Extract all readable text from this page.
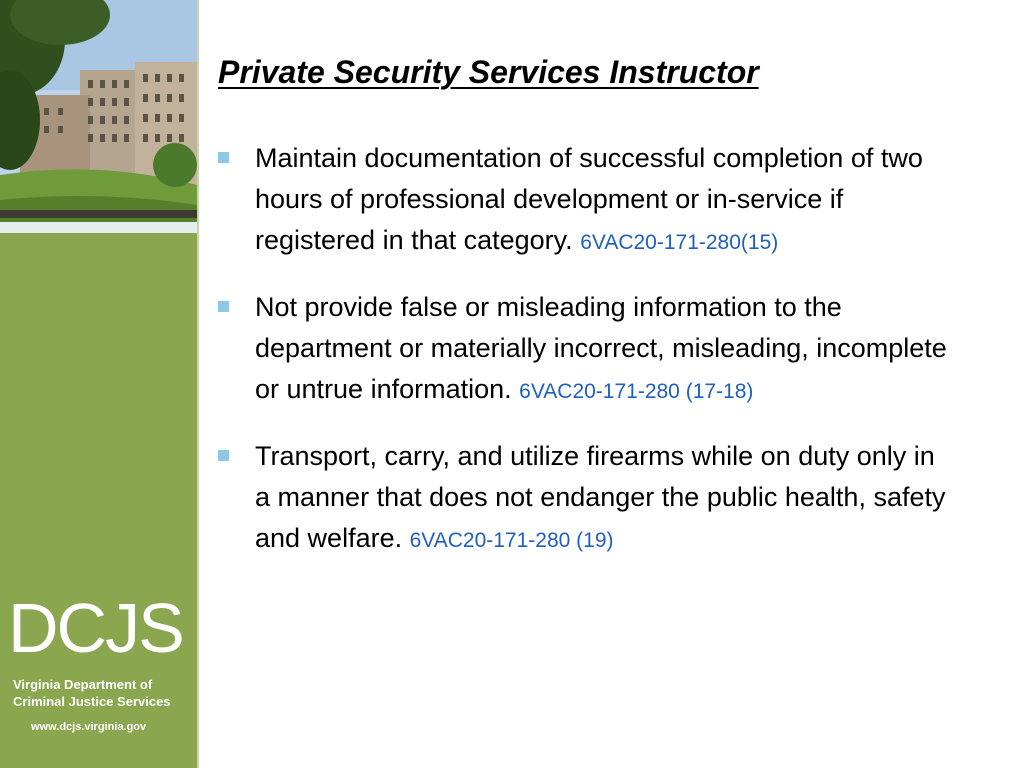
DCJS
Virginia Department of
Criminal Justice Services
www.dcjs.virginia.gov
Private Security Services Instructor
Maintain documentation of successful completion of two hours of professional development or in-service if registered in that category. 6VAC20-171-280(15)
Not provide false or misleading information to the department or materially incorrect, misleading, incomplete or untrue information. 6VAC20-171-280 (17-18)
Transport, carry, and utilize firearms while on duty only in a manner that does not endanger the public health, safety and welfare. 6VAC20-171-280 (19)
